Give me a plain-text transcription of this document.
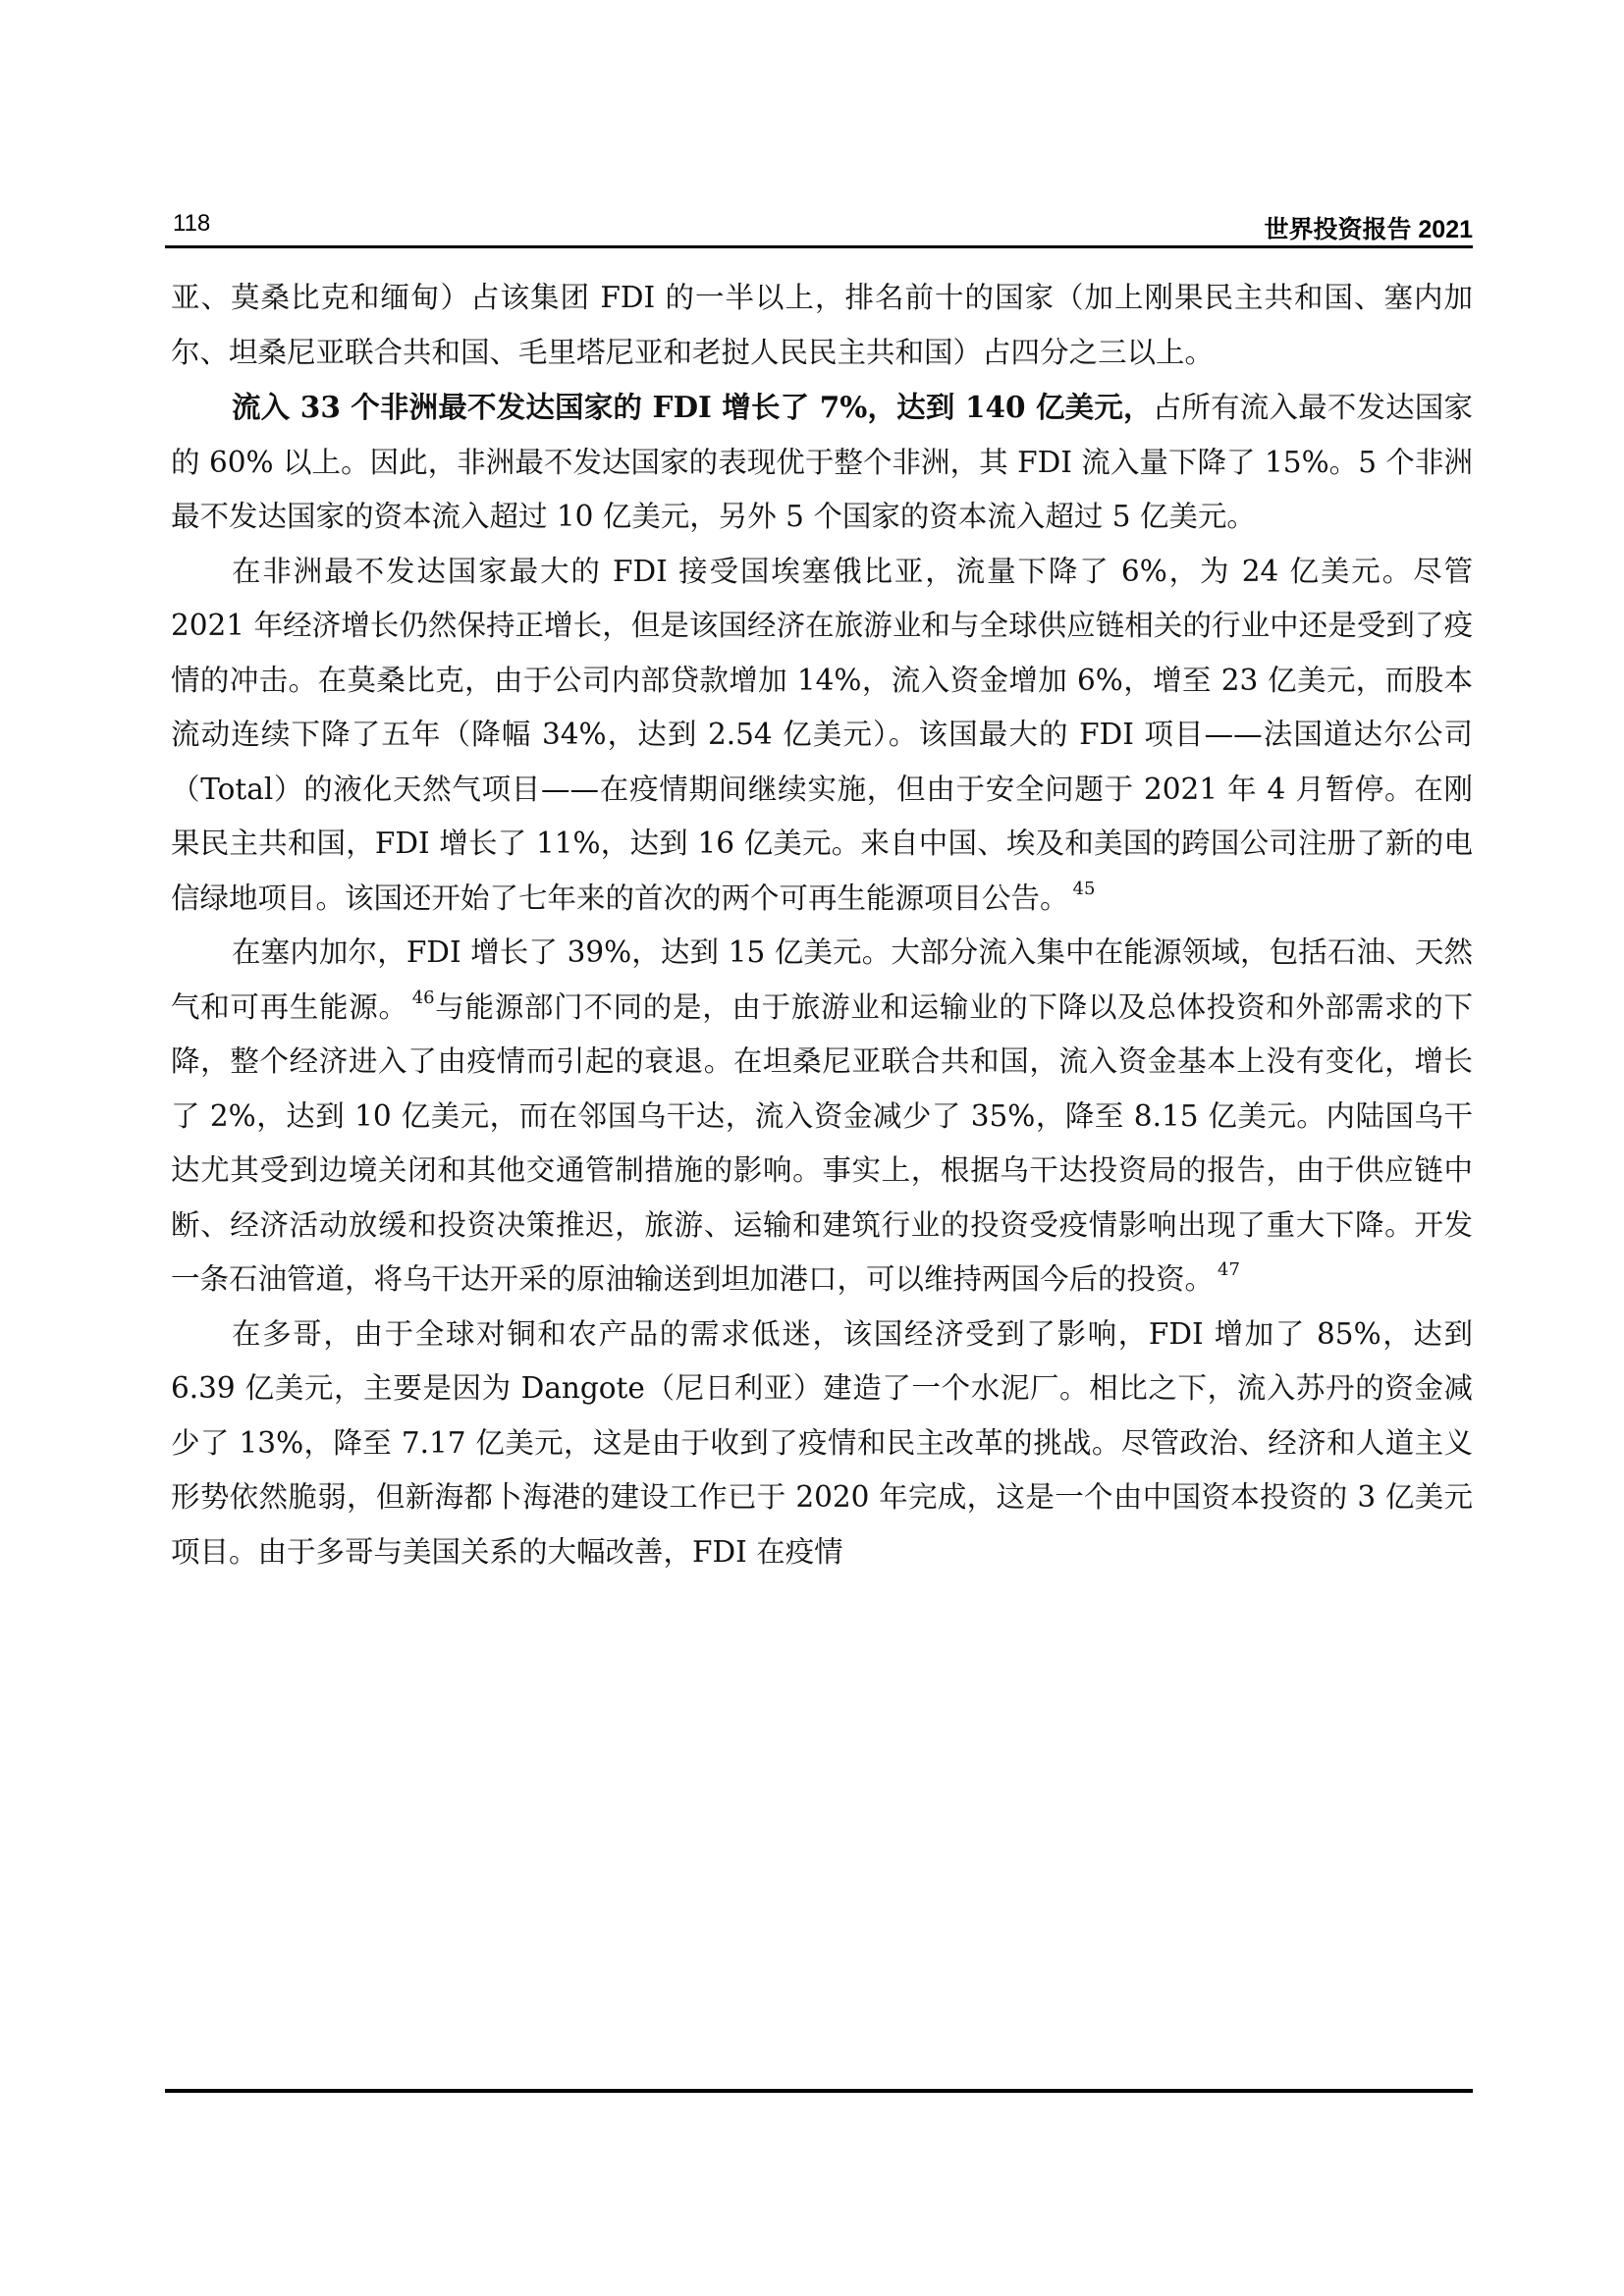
118	世界投资报告 2021

亚、莫桑比克和缅甸）占该集团 FDI 的一半以上，排名前十的国家（加上刚果民主共和国、塞内加尔、坦桑尼亚联合共和国、毛里塔尼亚和老挝人民民主共和国）占四分之三以上。

流入 33 个非洲最不发达国家的 FDI 增长了 7%，达到 140 亿美元，占所有流入最不发达国家的 60% 以上。因此，非洲最不发达国家的表现优于整个非洲，其 FDI 流入量下降了 15%。5 个非洲最不发达国家的资本流入超过 10 亿美元，另外 5 个国家的资本流入超过 5 亿美元。

在非洲最不发达国家最大的 FDI 接受国埃塞俄比亚，流量下降了 6%，为 24 亿美元。尽管 2021 年经济增长仍然保持正增长，但是该国经济在旅游业和与全球供应链相关的行业中还是受到了疫情的冲击。在莫桑比克，由于公司内部贷款增加 14%，流入资金增加 6%，增至 23 亿美元，而股本流动连续下降了五年（降幅 34%，达到 2.54 亿美元）。该国最大的 FDI 项目——法国道达尔公司（Total）的液化天然气项目——在疫情期间继续实施，但由于安全问题于 2021 年 4 月暂停。在刚果民主共和国，FDI 增长了 11%，达到 16 亿美元。来自中国、埃及和美国的跨国公司注册了新的电信绿地项目。该国还开始了七年来的首次的两个可再生能源项目公告。 $^{45}$

在塞内加尔，FDI 增长了 39%，达到 15 亿美元。大部分流入集中在能源领域，包括石油、天然气和可再生能源。 $^{46}$与能源部门不同的是，由于旅游业和运输业的下降以及总体投资和外部需求的下降，整个经济进入了由疫情而引起的衰退。在坦桑尼亚联合共和国，流入资金基本上没有变化，增长了 2%，达到 10 亿美元，而在邻国乌干达，流入资金减少了 35%，降至 8.15 亿美元。内陆国乌干达尤其受到边境关闭和其他交通管制措施的影响。事实上，根据乌干达投资局的报告，由于供应链中断、经济活动放缓和投资决策推迟，旅游、运输和建筑行业的投资受疫情影响出现了重大下降。开发一条石油管道，将乌干达开采的原油输送到坦加港口，可以维持两国今后的投资。 $^{47}$

在多哥，由于全球对铜和农产品的需求低迷，该国经济受到了影响，FDI 增加了 85%，达到 6.39 亿美元，主要是因为 Dangote（尼日利亚）建造了一个水泥厂。相比之下，流入苏丹的资金减少了 13%，降至 7.17 亿美元，这是由于收到了疫情和民主改革的挑战。尽管政治、经济和人道主义形势依然脆弱，但新海都卜海港的建设工作已于 2020 年完成，这是一个由中国资本投资的 3 亿美元项目。由于多哥与美国关系的大幅改善，FDI 在疫情
